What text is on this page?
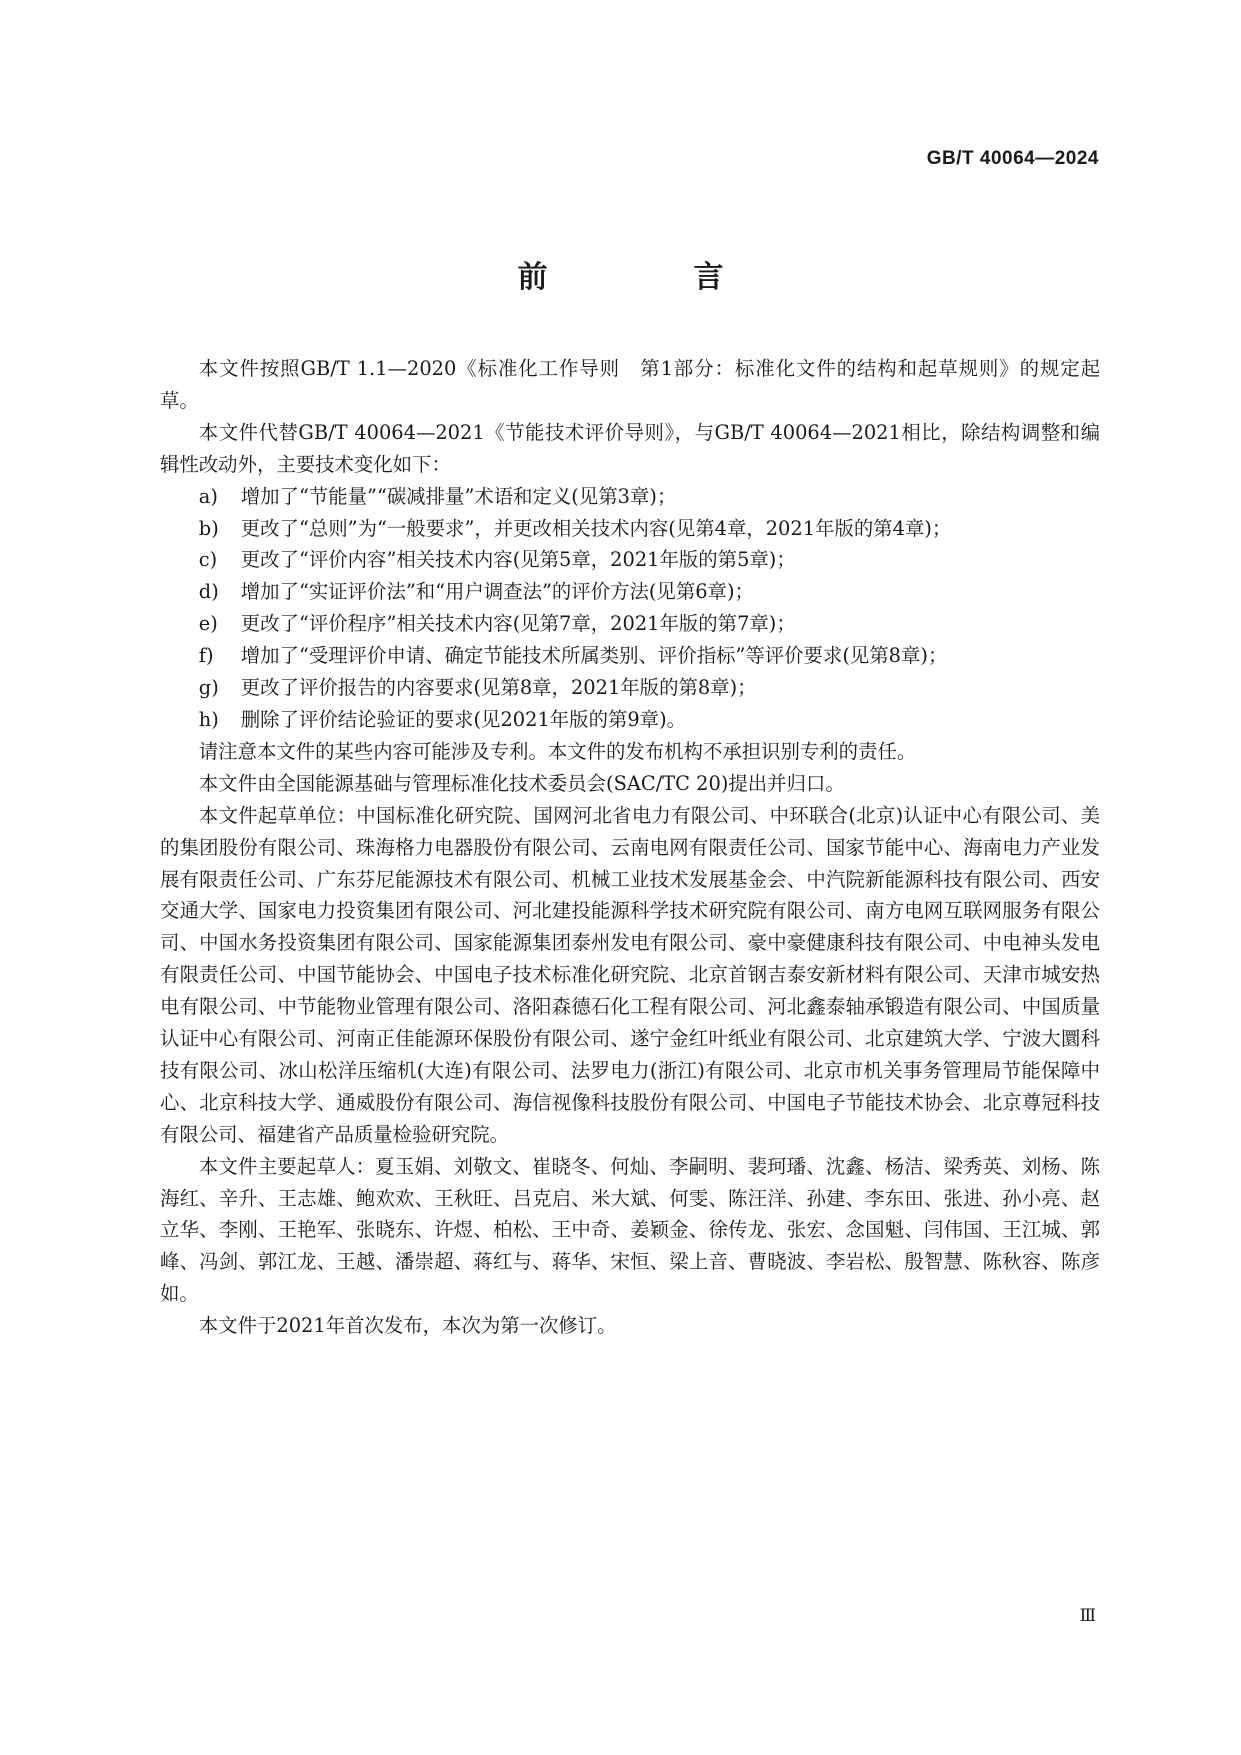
GB/T 40064—2024
前　言

本文件按照GB/T 1.1—2020《标准化工作导则　第1部分：标准化文件的结构和起草规则》的规定起草。

本文件代替GB/T 40064—2021《节能技术评价导则》，与GB/T 40064—2021相比，除结构调整和编辑性改动外，主要技术变化如下：

a)	增加了“节能量”“碳减排量”术语和定义(见第3章)；
b)	更改了“总则”为“一般要求”，并更改相关技术内容(见第4章，2021年版的第4章)；
c)	更改了“评价内容”相关技术内容(见第5章，2021年版的第5章)；
d)	增加了“实证评价法”和“用户调查法”的评价方法(见第6章)；
e)	更改了“评价程序”相关技术内容(见第7章，2021年版的第7章)；
f)	增加了“受理评价申请、确定节能技术所属类别、评价指标”等评价要求(见第8章)；
g)	更改了评价报告的内容要求(见第8章，2021年版的第8章)；
h)	删除了评价结论验证的要求(见2021年版的第9章)。

请注意本文件的某些内容可能涉及专利。本文件的发布机构不承担识别专利的责任。

本文件由全国能源基础与管理标准化技术委员会(SAC/TC 20)提出并归口。

本文件起草单位：中国标准化研究院、国网河北省电力有限公司、中环联合(北京)认证中心有限公司、美的集团股份有限公司、珠海格力电器股份有限公司、云南电网有限责任公司、国家节能中心、海南电力产业发展有限责任公司、广东芬尼能源技术有限公司、机械工业技术发展基金会、中汽院新能源科技有限公司、西安交通大学、国家电力投资集团有限公司、河北建投能源科学技术研究院有限公司、南方电网互联网服务有限公司、中国水务投资集团有限公司、国家能源集团泰州发电有限公司、豪中豪健康科技有限公司、中电神头发电有限责任公司、中国节能协会、中国电子技术标准化研究院、北京首钢吉泰安新材料有限公司、天津市城安热电有限公司、中节能物业管理有限公司、洛阳森德石化工程有限公司、河北鑫泰轴承锻造有限公司、中国质量认证中心有限公司、河南正佳能源环保股份有限公司、遂宁金红叶纸业有限公司、北京建筑大学、宁波大圜科技有限公司、冰山松洋压缩机(大连)有限公司、法罗电力(浙江)有限公司、北京市机关事务管理局节能保障中心、北京科技大学、通威股份有限公司、海信视像科技股份有限公司、中国电子节能技术协会、北京尊冠科技有限公司、福建省产品质量检验研究院。

本文件主要起草人：夏玉娟、刘敬文、崔晓冬、何灿、李嗣明、裴珂璠、沈鑫、杨洁、梁秀英、刘杨、陈海红、辛升、王志雄、鲍欢欢、王秋旺、吕克启、米大斌、何雯、陈汪洋、孙建、李东田、张进、孙小亮、赵立华、李刚、王艳军、张晓东、许煜、柏松、王中奇、姜颖金、徐传龙、张宏、念国魁、闫伟国、王江城、郭峰、冯剑、郭江龙、王越、潘崇超、蒋红与、蒋华、宋恒、梁上音、曹晓波、李岩松、殷智慧、陈秋容、陈彦如。

本文件于2021年首次发布，本次为第一次修订。

Ⅲ
